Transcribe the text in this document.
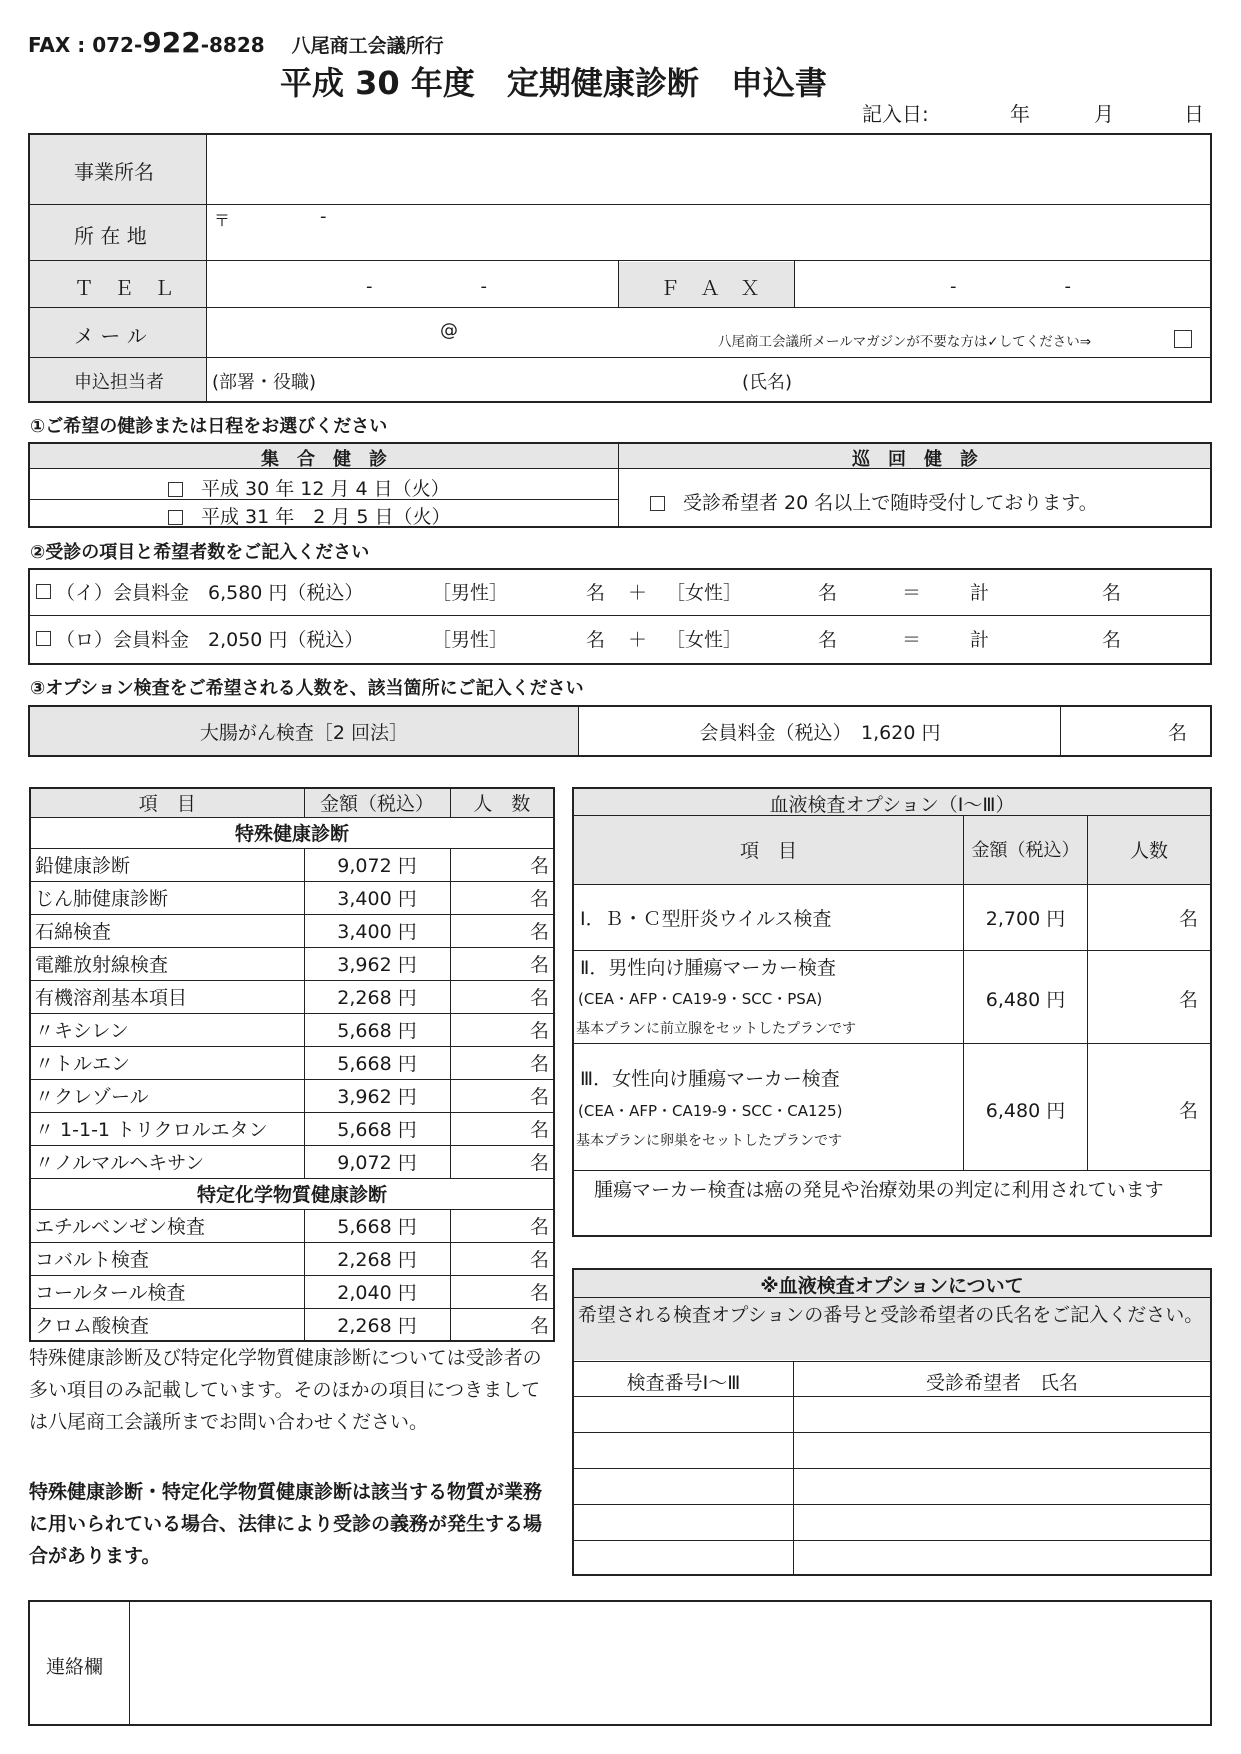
FAX : 072-922-8828 八尾商工会議所行
平成 30 年度　定期健康診断　申込書
記入日:	年	月	日
事業所名
所 在 地
〒	-
Ｔ　Ｅ　Ｌ	-　　　　　　-	Ｆ　Ａ　Ｘ	-　　　　　　-
メ ー ル	@
八尾商工会議所メールマガジンが不要な方は✓してください⇒
申込担当者	(部署・役職)	(氏名)
①ご希望の健診または日程をお選びください
集　合　健　診	巡　回　健　診
平成 30 年 12 月 4 日（火）
平成 31 年　2 月 5 日（火）
受診希望者 20 名以上で随時受付しております。
②受診の項目と希望者数をご記入ください
（イ）会員料金　6,580 円（税込）	［男性］	名 ＋ ［女性］	名	＝	計	名
（ロ）会員料金　2,050 円（税込）	［男性］	名 ＋ ［女性］	名	＝	計	名
③オプション検査をご希望される人数を、該当箇所にご記入ください
大腸がん検査［2 回法］	会員料金（税込）　1,620 円	名
項　目	金額（税込）	人　数
特殊健康診断		
鉛健康診断	9,072 円	名
じん肺健康診断	3,400 円	名
石綿検査	3,400 円	名
電離放射線検査	3,962 円	名
有機溶剤基本項目	2,268 円	名
〃キシレン	5,668 円	名
〃トルエン	5,668 円	名
〃クレゾール	3,962 円	名
〃 1-1-1 トリクロルエタン	5,668 円	名
〃ノルマルヘキサン	9,072 円	名
特定化学物質健康診断		
エチルベンゼン検査	5,668 円	名
コバルト検査	2,268 円	名
コールタール検査	2,040 円	名
クロム酸検査	2,268 円	名
特殊健康診断及び特定化学物質健康診断については受診者の多い項目のみ記載しています。そのほかの項目につきましては八尾商工会議所までお問い合わせください。
特殊健康診断・特定化学物質健康診断は該当する物質が業務に用いられている場合、法律により受診の義務が発生する場合があります。
血液検査オプション（Ⅰ～Ⅲ）
項　目	金額（税込）	人数
Ⅰ．Ｂ・Ｃ型肝炎ウイルス検査	2,700 円	名
Ⅱ．男性向け腫瘍マーカー検査
(CEA・AFP・CA19-9・SCC・PSA)
基本プランに前立腺をセットしたプランです
6,480 円	名
Ⅲ．女性向け腫瘍マーカー検査
(CEA・AFP・CA19-9・SCC・CA125)
基本プランに卵巣をセットしたプランです
6,480 円	名
腫瘍マーカー検査は癌の発見や治療効果の判定に利用されています
※血液検査オプションについて
希望される検査オプションの番号と受診希望者の氏名をご記入ください。
検査番号Ⅰ～Ⅲ	受診希望者　氏名
連絡欄
